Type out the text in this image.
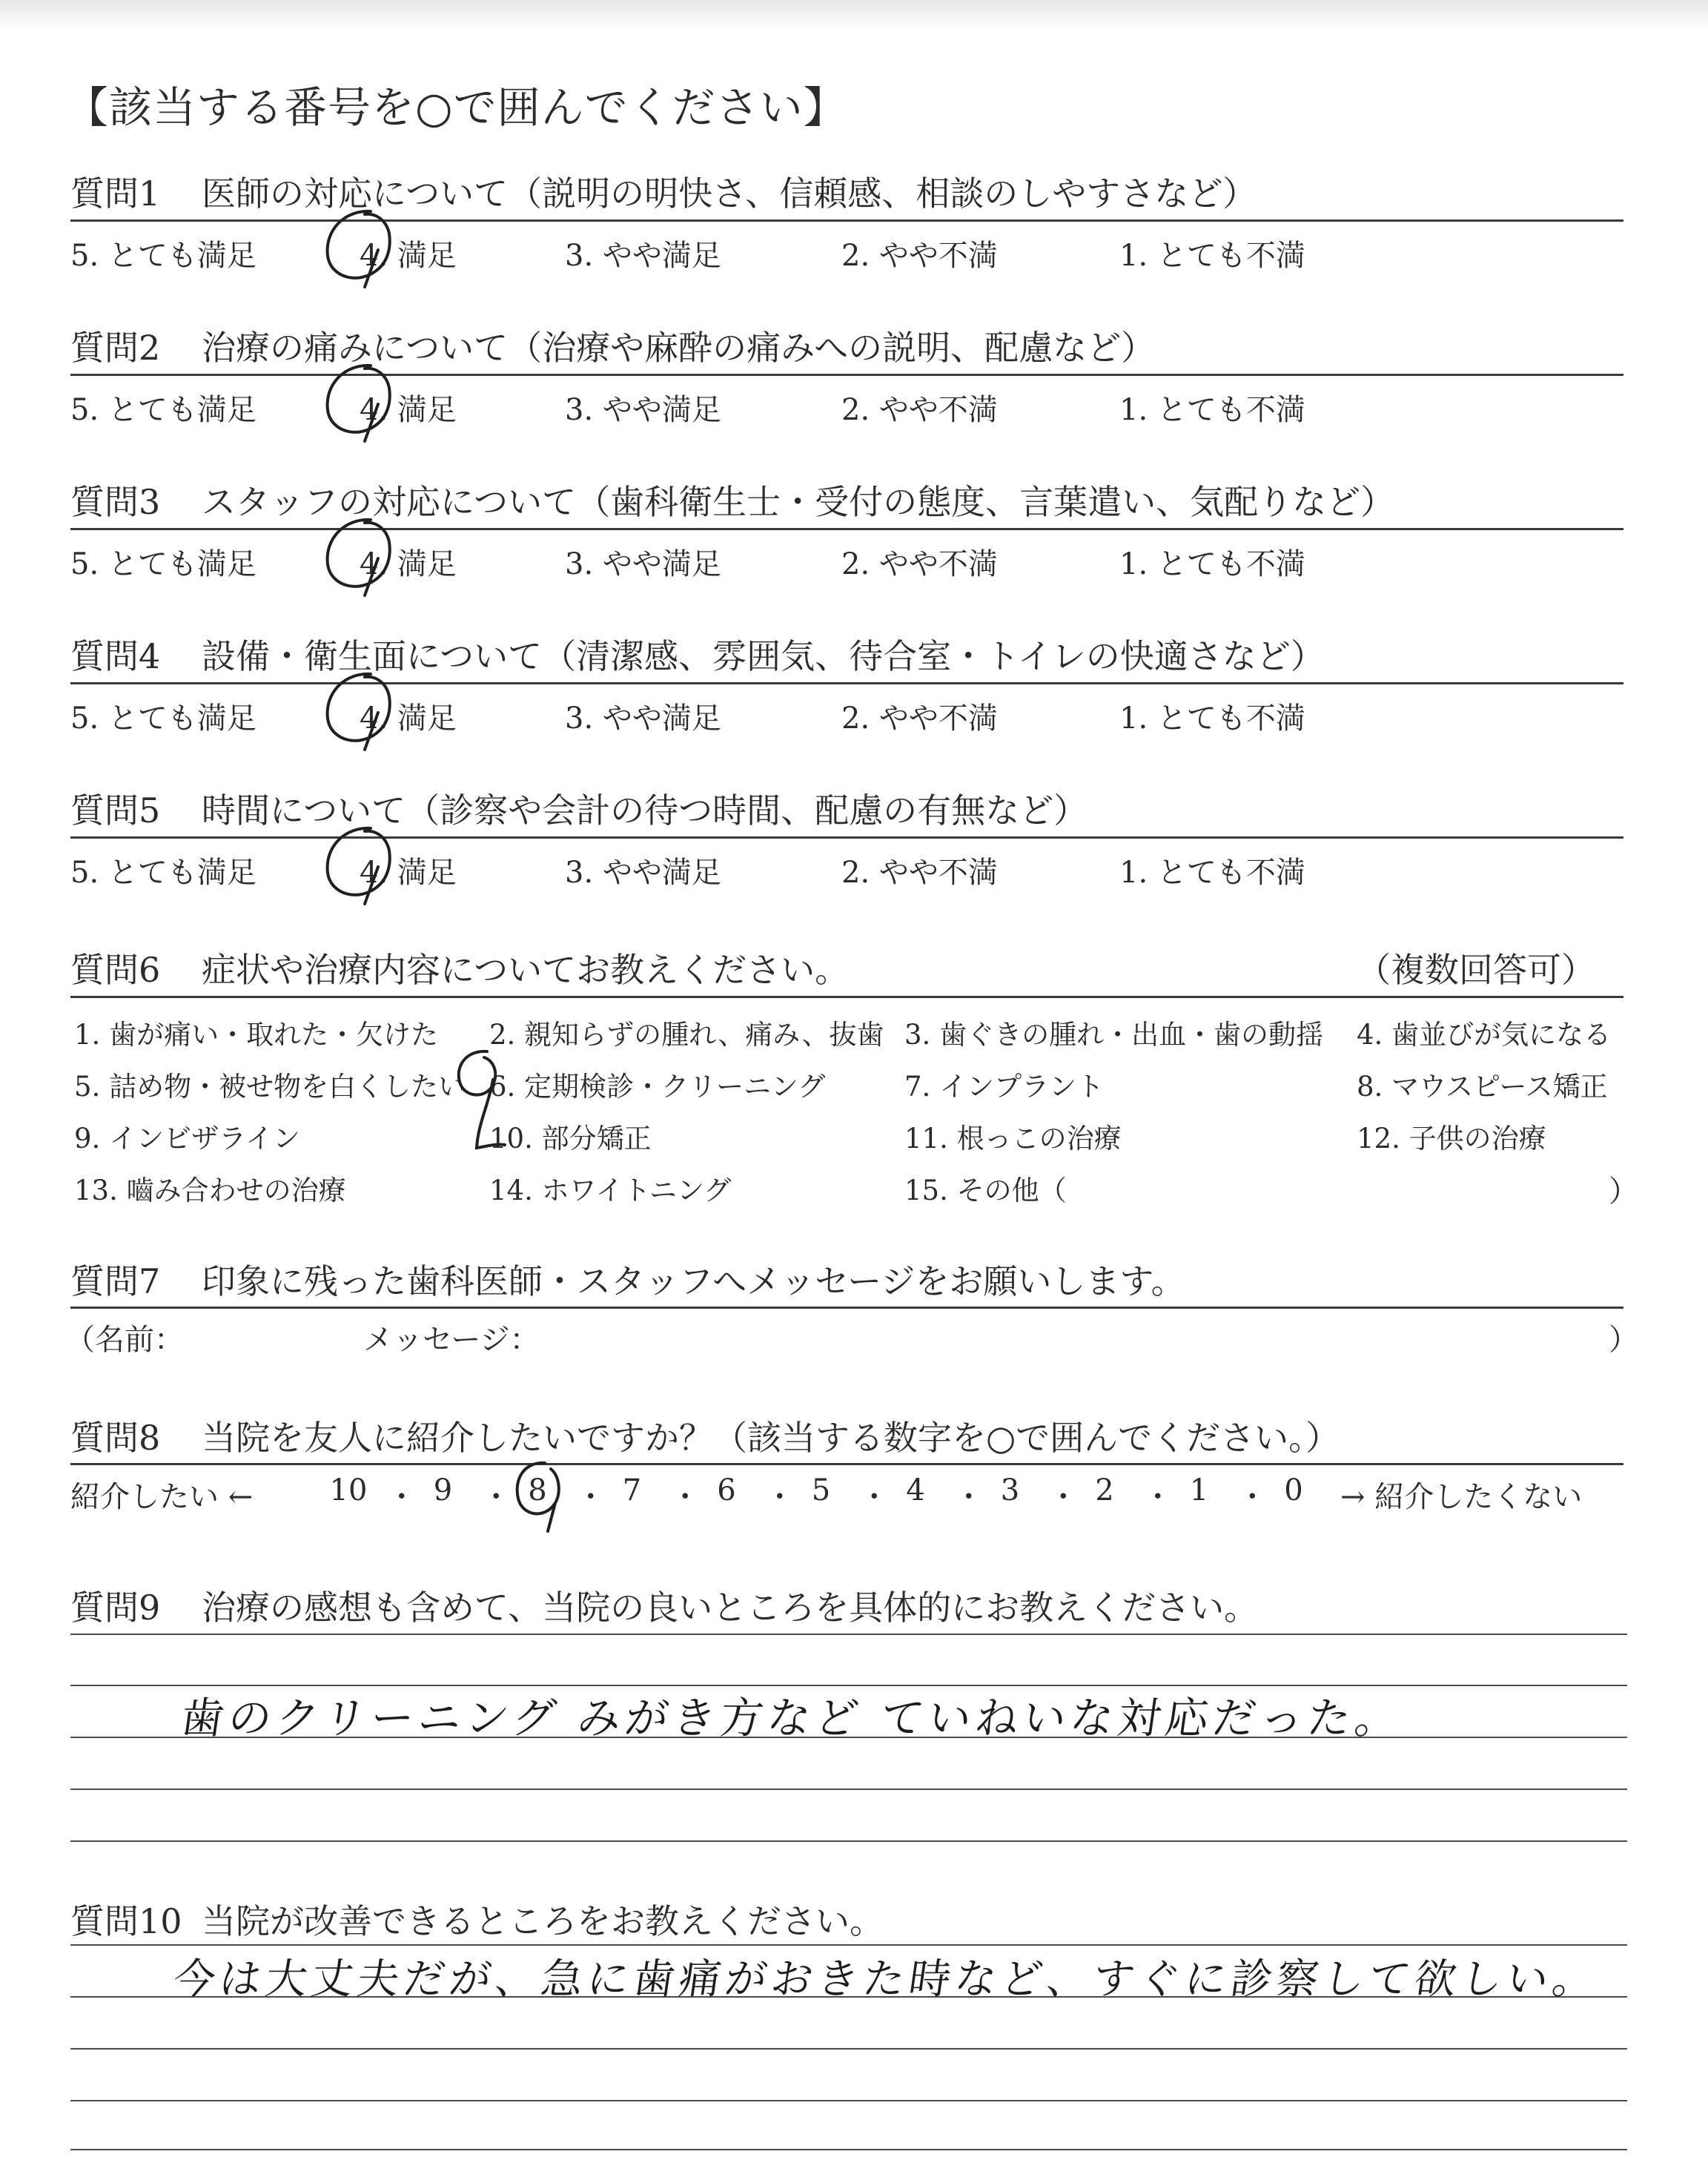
【該当する番号を○で囲んでください】
質問1 医師の対応について（説明の明快さ、信頼感、相談のしやすさなど）
5. とても満足	4. 満足	3. やや満足	2. やや不満	1. とても不満
質問2 治療の痛みについて（治療や麻酔の痛みへの説明、配慮など）
5. とても満足	4. 満足	3. やや満足	2. やや不満	1. とても不満
質問3 スタッフの対応について（歯科衛生士・受付の態度、言葉遣い、気配りなど）
5. とても満足	4. 満足	3. やや満足	2. やや不満	1. とても不満
質問4 設備・衛生面について（清潔感、雰囲気、待合室・トイレの快適さなど）
5. とても満足	4. 満足	3. やや満足	2. やや不満	1. とても不満
質問5 時間について（診察や会計の待つ時間、配慮の有無など）
5. とても満足	4. 満足	3. やや満足	2. やや不満	1. とても不満
質問6 症状や治療内容についてお教えください。	（複数回答可）
1. 歯が痛い・取れた・欠けた 2. 親知らずの腫れ、痛み、抜歯 3. 歯ぐきの腫れ・出血・歯の動揺 4. 歯並びが気になる
5. 詰め物・被せ物を白くしたい 6. 定期検診・クリーニング	7. インプラント	8. マウスピース矯正
9. インビザライン	10. 部分矯正	11. 根っこの治療	12. 子供の治療
13. 嚙み合わせの治療	14. ホワイトニング	15. その他（	）
質問7 印象に残った歯科医師・スタッフへメッセージをお願いします。
（名前：	メッセージ：	）
質問8 当院を友人に紹介したいですか？（該当する数字を○で囲んでください。）
紹介したい ←	→ 紹介したくない
10 ・ 9 ・ 8 ・ 7 ・ 6 ・ 5 ・ 4 ・ 3 ・ 2 ・ 1 ・ 0
質問9 治療の感想も含めて、当院の良いところを具体的にお教えください。
歯のクリーニング みがき方など ていねいな対応だった。
質問10 当院が改善できるところをお教えください。
今は大丈夫だが、急に歯痛がおきた時など、すぐに診察して欲しい。
